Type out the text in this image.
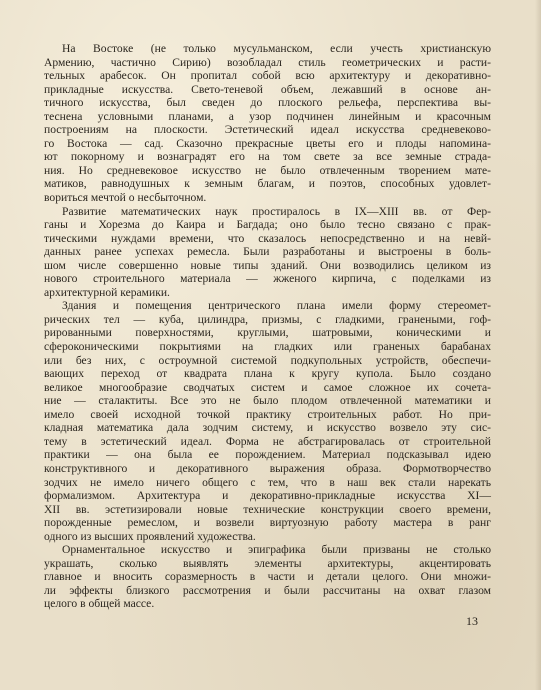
На Востоке (не только мусульманском, если учесть христианскую
Армению, частично Сирию) возобладал стиль геометрических и расти-
тельных арабесок. Он пропитал собой всю архитектуру и декоративно-
прикладные искусства. Свето-теневой объем, лежавший в основе ан-
тичного искусства, был сведен до плоского рельефа, перспектива вы-
теснена условными планами, а узор подчинен линейным и красочным
построениям на плоскости. Эстетический идеал искусства средневеково-
го Востока — сад. Сказочно прекрасные цветы его и плоды напомина-
ют покорному и вознаградят его на том свете за все земные страда-
ния. Но средневековое искусство не было отвлеченным творением мате-
матиков, равнодушных к земным благам, и поэтов, способных удовлет-
вориться мечтой о несбыточном.
Развитие математических наук простиралось в IX—XIII вв. от Фер-
ганы и Хорезма до Каира и Багдада; оно было тесно связано с прак-
тическими нуждами времени, что сказалось непосредственно и на невй-
данных ранее успехах ремесла. Были разработаны и выстроены в боль-
шом числе совершенно новые типы зданий. Они возводились целиком из
нового строительного материала — жженого кирпича, с поделками из
архитектурной керамики.
Здания и помещения центрического плана имели форму стереомет-
рических тел — куба, цилиндра, призмы, с гладкими, гранеными, гоф-
рированными поверхностями, круглыми, шатровыми, коническими и
сфероконическими покрытиями на гладких или граненых барабанах
или без них, с остроумной системой подкупольных устройств, обеспечи-
вающих переход от квадрата плана к кругу купола. Было создано
великое многообразие сводчатых систем и самое сложное их сочета-
ние — сталактиты. Все это не было плодом отвлеченной математики и
имело своей исходной точкой практику строительных работ. Но при-
кладная математика дала зодчим систему, и искусство возвело эту сис-
тему в эстетический идеал. Форма не абстрагировалась от строительной
практики — она была ее порождением. Материал подсказывал идею
конструктивного и декоративного выражения образа. Формотворчество
зодчих не имело ничего общего с тем, что в наш век стали нарекать
формализмом. Архитектура и декоративно-прикладные искусства XI—
XII вв. эстетизировали новые технические конструкции своего времени,
порожденные ремеслом, и возвели виртуозную работу мастера в ранг
одного из высших проявлений художества.
Орнаментальное искусство и эпиграфика были призваны не столько
украшать, сколько выявлять элементы архитектуры, акцентировать
главное и вносить соразмерность в части и детали целого. Они множи-
ли эффекты близкого рассмотрения и были рассчитаны на охват глазом
целого в общей массе.
13
